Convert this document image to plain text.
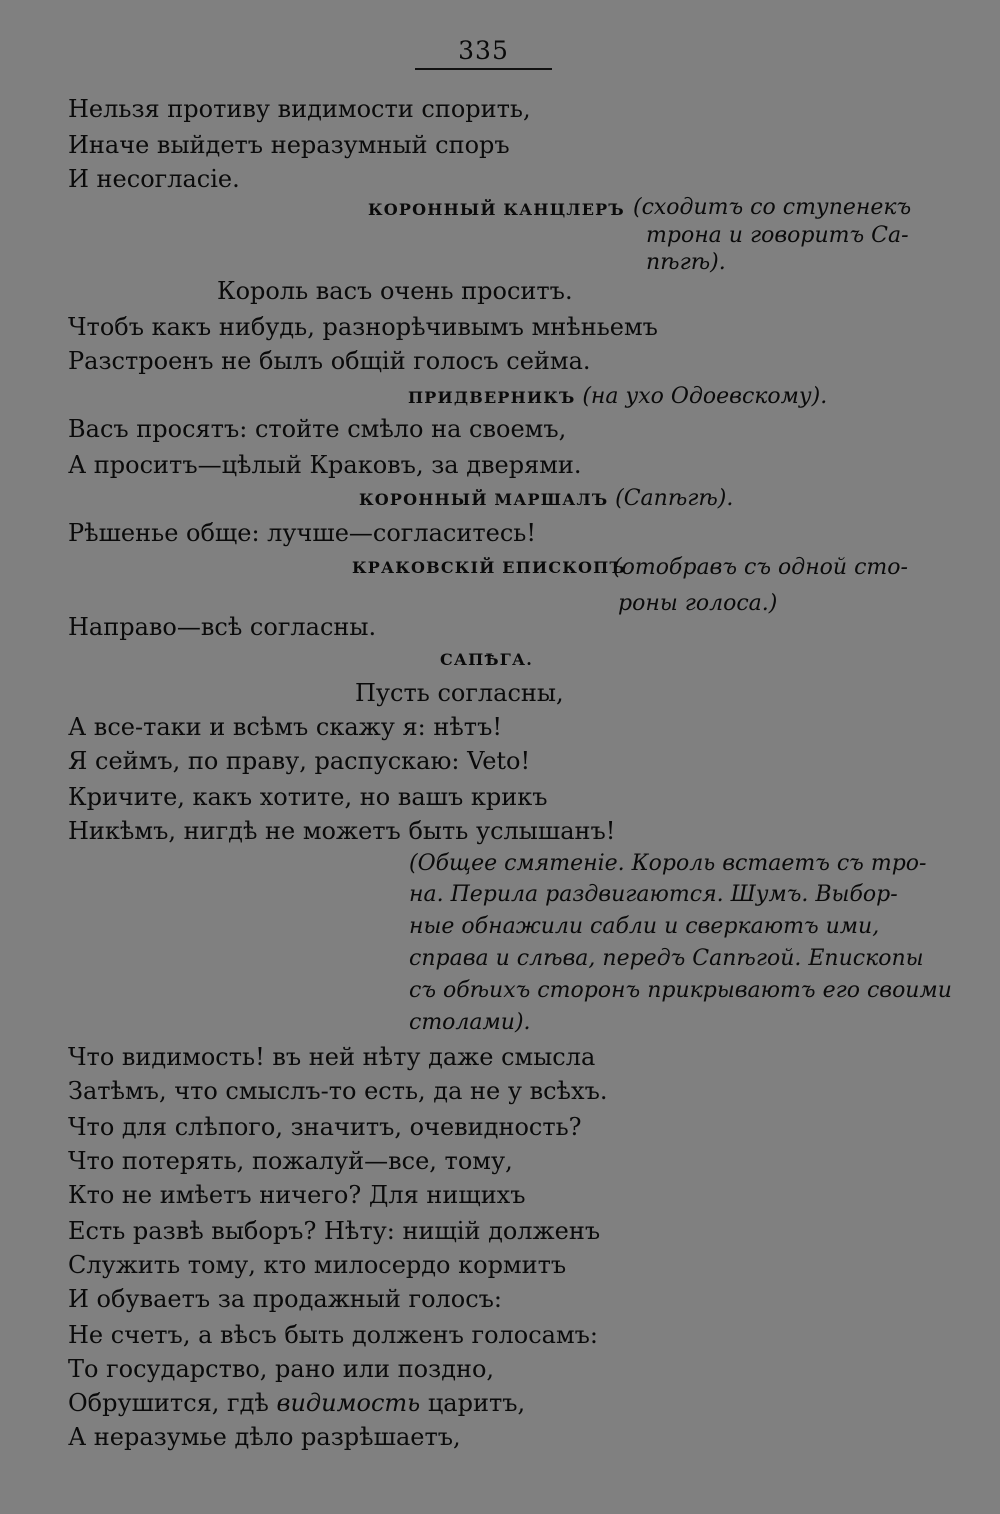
335
Нельзя противу видимости спорить,
Иначе выйдетъ неразумный споръ
И несогласіе.
КОРОННЫЙ КАНЦЛЕРЪ (сходитъ со ступенекъ
трона и говоритъ Са-
пѣгѣ).
Король васъ очень проситъ.
Чтобъ какъ нибудь, разнорѣчивымъ мнѣньемъ
Разстроенъ не былъ общій голосъ сейма.
ПРИДВЕРНИКЪ (на ухо Одоевскому).
Васъ просятъ: стойте смѣло на своемъ,
А проситъ—цѣлый Краковъ, за дверями.
КОРОННЫЙ МАРШАЛЪ (Сапѣгѣ).
Рѣшенье обще: лучше—согласитесь!
КРАКОВСКІЙ ЕПИСКОПЪ
(отобравъ съ одной сто-
роны голоса.)
Направо—всѣ согласны.
САПѢГА.
Пусть согласны,
А все-таки и всѣмъ скажу я: нѣтъ!
Я сеймъ, по праву, распускаю: Veto!
Кричите, какъ хотите, но вашъ крикъ
Никѣмъ, нигдѣ не можетъ быть услышанъ!
(Общее смятеніе. Король встаетъ съ тро-
на. Перила раздвигаются. Шумъ. Выбор-
ные обнажили сабли и сверкаютъ ими,
справа и слѣва, передъ Сапѣгой. Епископы
съ обѣихъ сторонъ прикрываютъ его своими
столами).
Что видимость! въ ней нѣту даже смысла
Затѣмъ, что смыслъ-то есть, да не у всѣхъ.
Что для слѣпого, значитъ, очевидность?
Что потерять, пожалуй—все, тому,
Кто не имѣетъ ничего? Для нищихъ
Есть развѣ выборъ? Нѣту: нищій долженъ
Служить тому, кто милосердо кормитъ
И обуваетъ за продажный голосъ:
Не счетъ, а вѣсъ быть долженъ голосамъ:
То государство, рано или поздно,
Обрушится, гдѣ видимость царитъ,
А неразумье дѣло разрѣшаетъ,
